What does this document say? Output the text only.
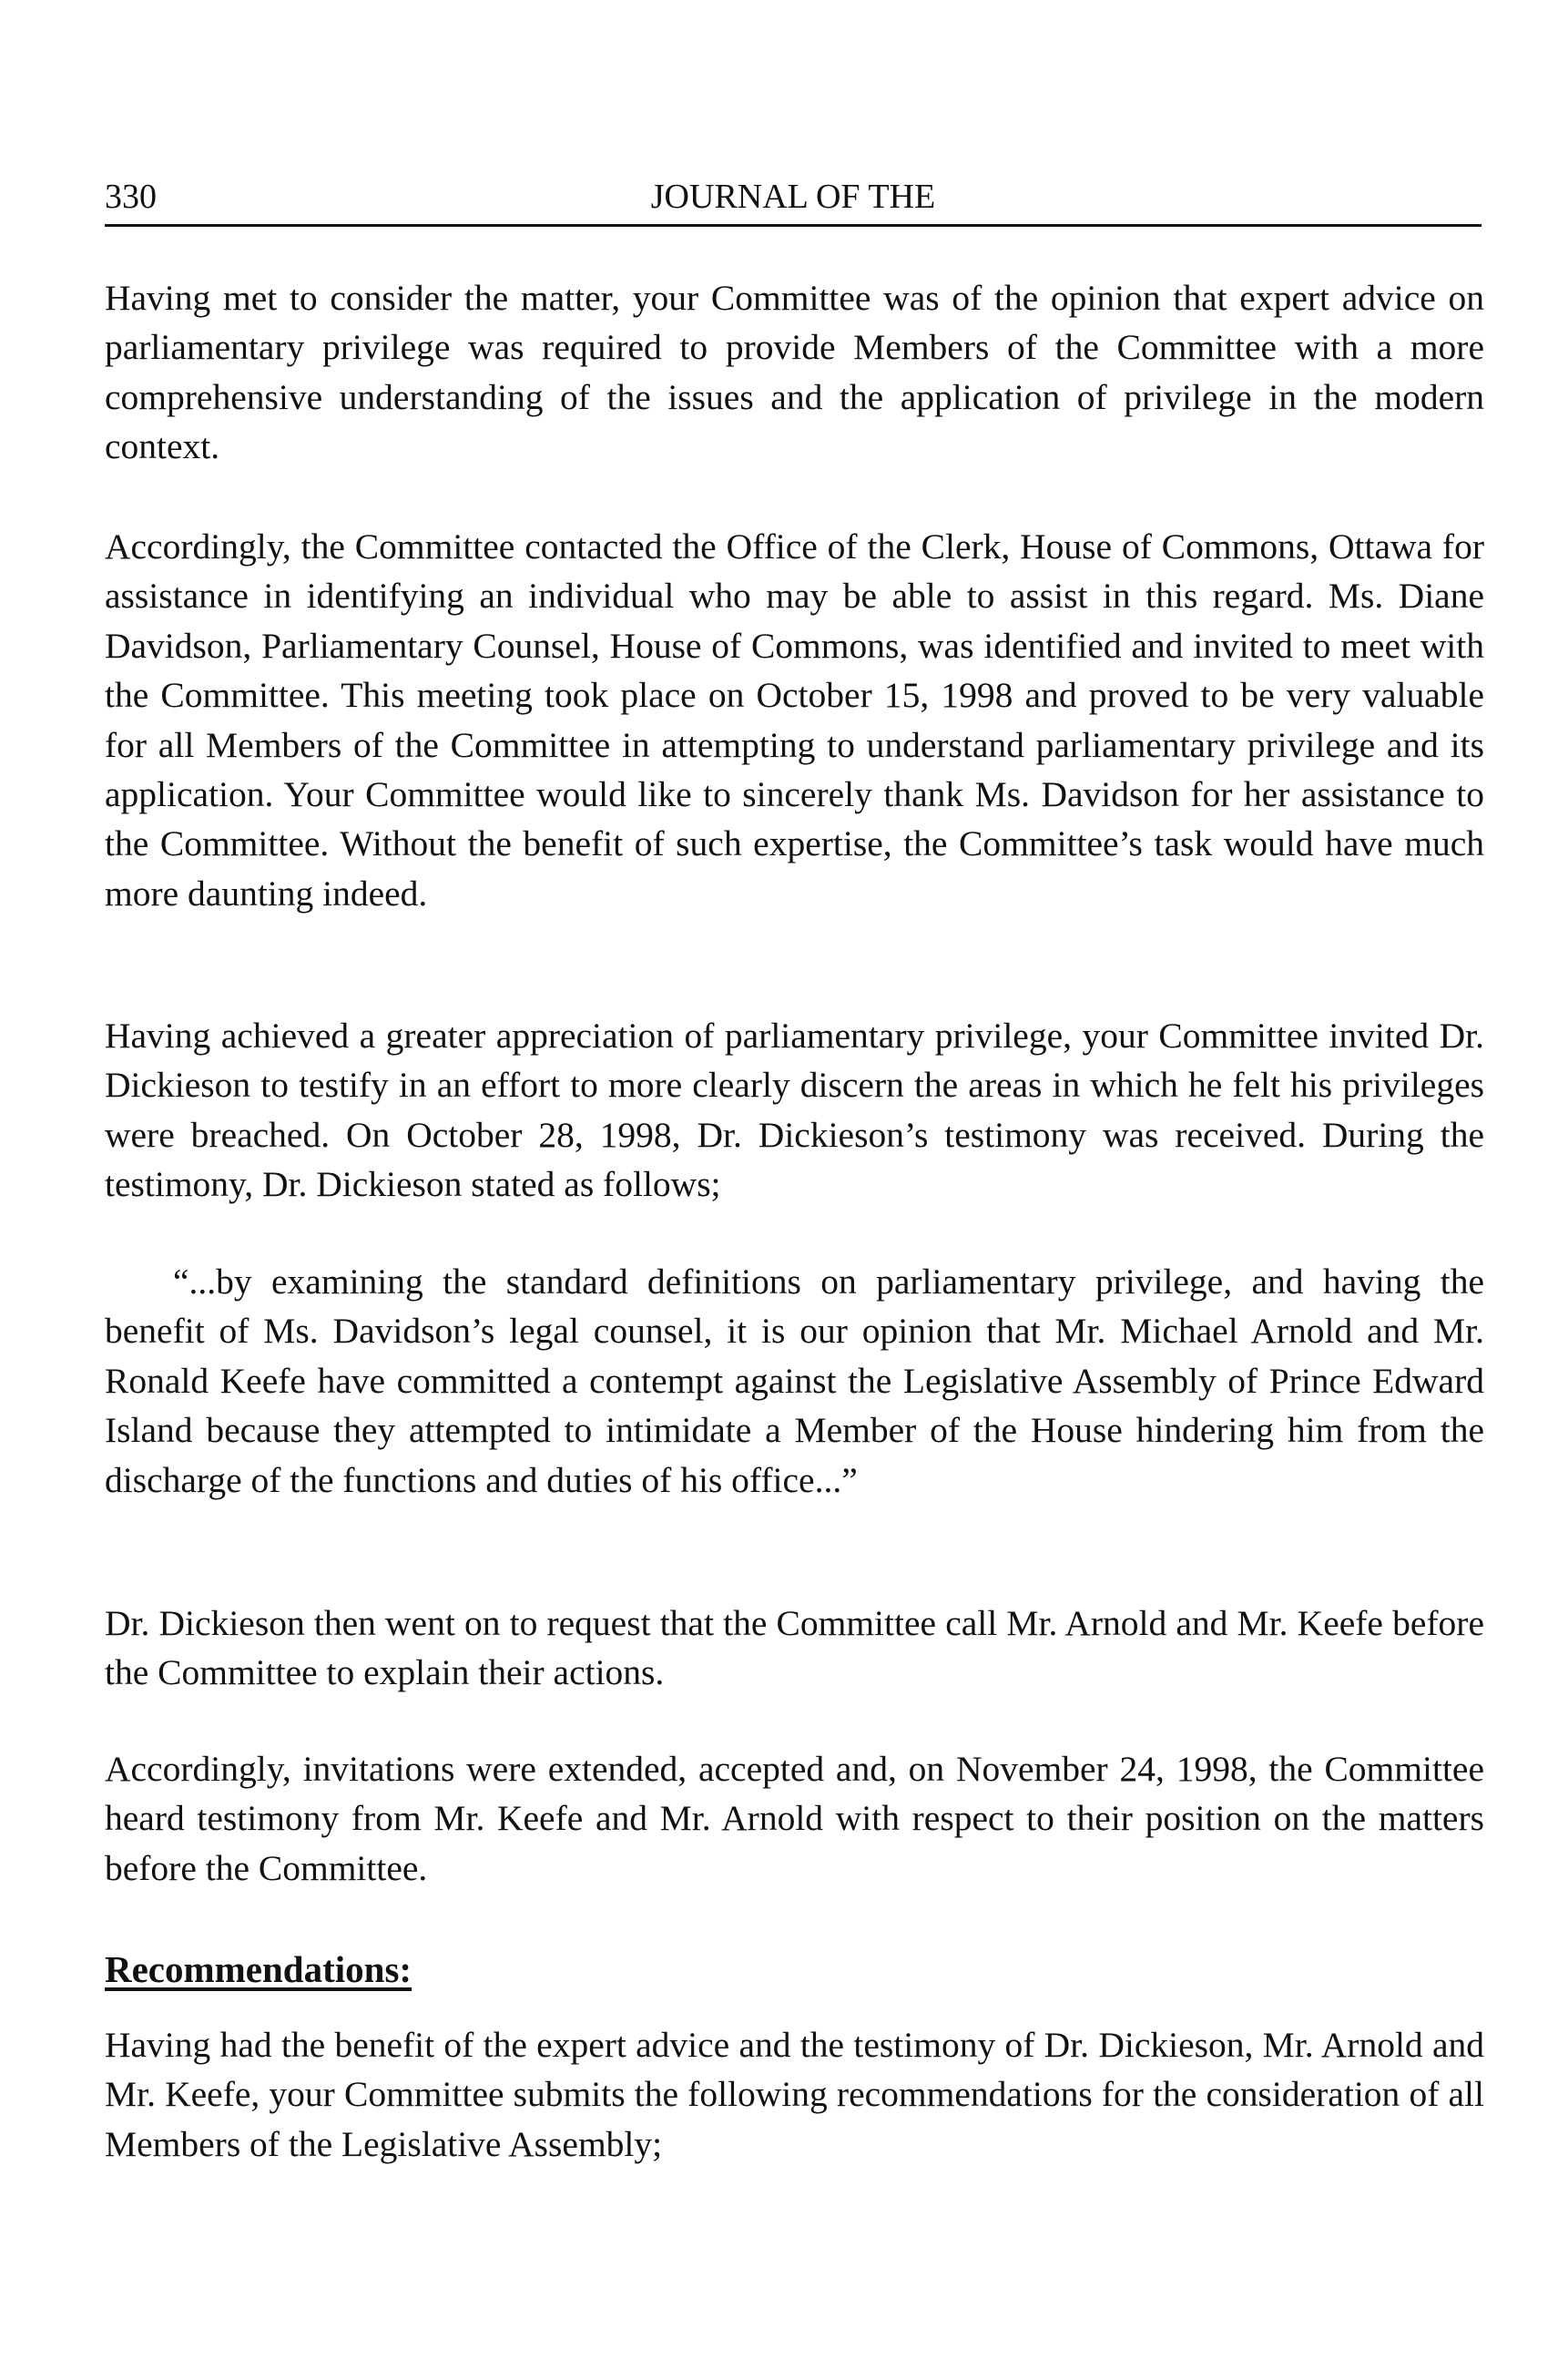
330	JOURNAL OF THE

Having met to consider the matter, your Committee was of the opinion that expert advice on parliamentary privilege was required to provide Members of the Committee with a more comprehensive understanding of the issues and the application of privilege in the modern context.

Accordingly, the Committee contacted the Office of the Clerk, House of Commons, Ottawa for assistance in identifying an individual who may be able to assist in this regard. Ms. Diane Davidson, Parliamentary Counsel, House of Commons, was identified and invited to meet with the Committee. This meeting took place on October 15, 1998 and proved to be very valuable for all Members of the Committee in attempting to understand parliamentary privilege and its application. Your Committee would like to sincerely thank Ms. Davidson for her assistance to the Committee. Without the benefit of such expertise, the Committee’s task would have much more daunting indeed.

Having achieved a greater appreciation of parliamentary privilege, your Committee invited Dr. Dickieson to testify in an effort to more clearly discern the areas in which he felt his privileges were breached. On October 28, 1998, Dr. Dickieson’s testimony was received. During the testimony, Dr. Dickieson stated as follows;

“...by examining the standard definitions on parliamentary privilege, and having the benefit of Ms. Davidson’s legal counsel, it is our opinion that Mr. Michael Arnold and Mr. Ronald Keefe have committed a contempt against the Legislative Assembly of Prince Edward Island because they attempted to intimidate a Member of the House hindering him from the discharge of the functions and duties of his office...”

Dr. Dickieson then went on to request that the Committee call Mr. Arnold and Mr. Keefe before the Committee to explain their actions.

Accordingly, invitations were extended, accepted and, on November 24, 1998, the Committee heard testimony from Mr. Keefe and Mr. Arnold with respect to their position on the matters before the Committee.

Recommendations:

Having had the benefit of the expert advice and the testimony of Dr. Dickieson, Mr. Arnold and Mr. Keefe, your Committee submits the following recommendations for the consideration of all Members of the Legislative Assembly;
